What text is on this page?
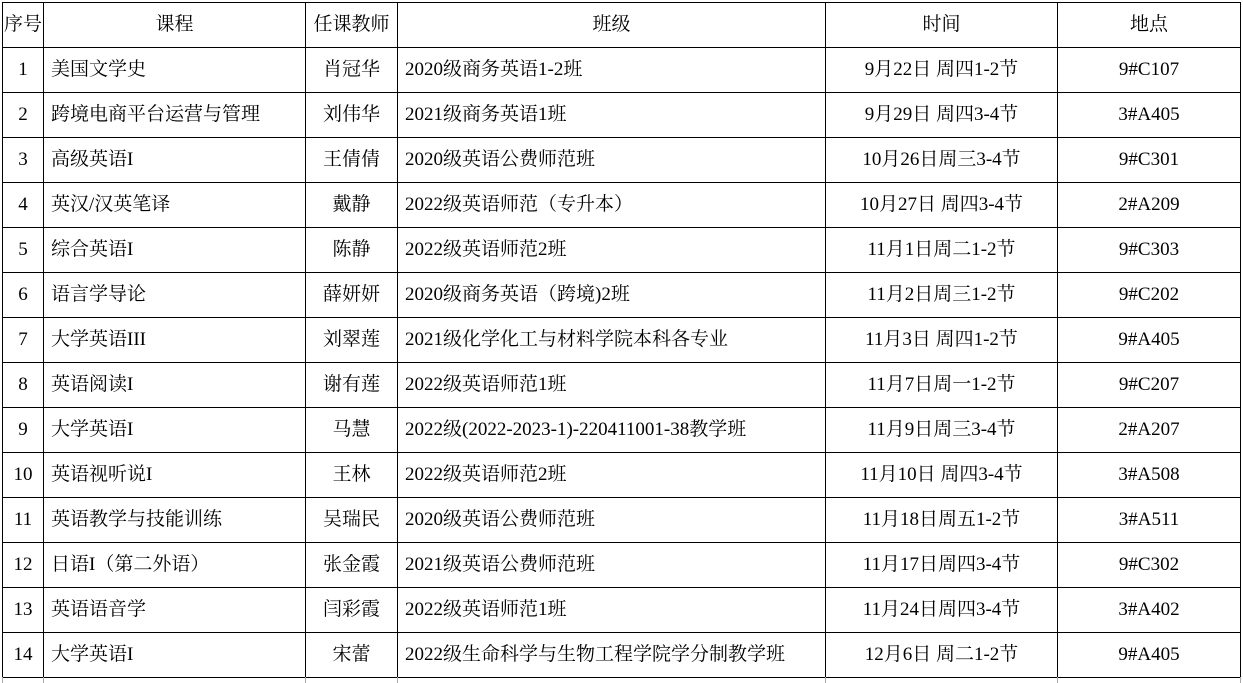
序号	课程	任课教师	班级	时间	地点
1	美国文学史	肖冠华	2020级商务英语1-2班	9月22日 周四1-2节	9#C107
2	跨境电商平台运营与管理	刘伟华	2021级商务英语1班	9月29日 周四3-4节	3#A405
3	高级英语I	王倩倩	2020级英语公费师范班	10月26日周三3-4节	9#C301
4	英汉/汉英笔译	戴静	2022级英语师范（专升本）	10月27日 周四3-4节	2#A209
5	综合英语I	陈静	2022级英语师范2班	11月1日周二1-2节	9#C303
6	语言学导论	薛妍妍	2020级商务英语（跨境)2班	11月2日周三1-2节	9#C202
7	大学英语III	刘翠莲	2021级化学化工与材料学院本科各专业	11月3日 周四1-2节	9#A405
8	英语阅读I	谢有莲	2022级英语师范1班	11月7日周一1-2节	9#C207
9	大学英语I	马慧	2022级(2022-2023-1)-220411001-38教学班	11月9日周三3-4节	2#A207
10	英语视听说I	王林	2022级英语师范2班	11月10日 周四3-4节	3#A508
11	英语教学与技能训练	吴瑞民	2020级英语公费师范班	11月18日周五1-2节	3#A511
12	日语I（第二外语）	张金霞	2021级英语公费师范班	11月17日周四3-4节	9#C302
13	英语语音学	闫彩霞	2022级英语师范1班	11月24日周四3-4节	3#A402
14	大学英语I	宋蕾	2022级生命科学与生物工程学院学分制教学班	12月6日 周二1-2节	9#A405
